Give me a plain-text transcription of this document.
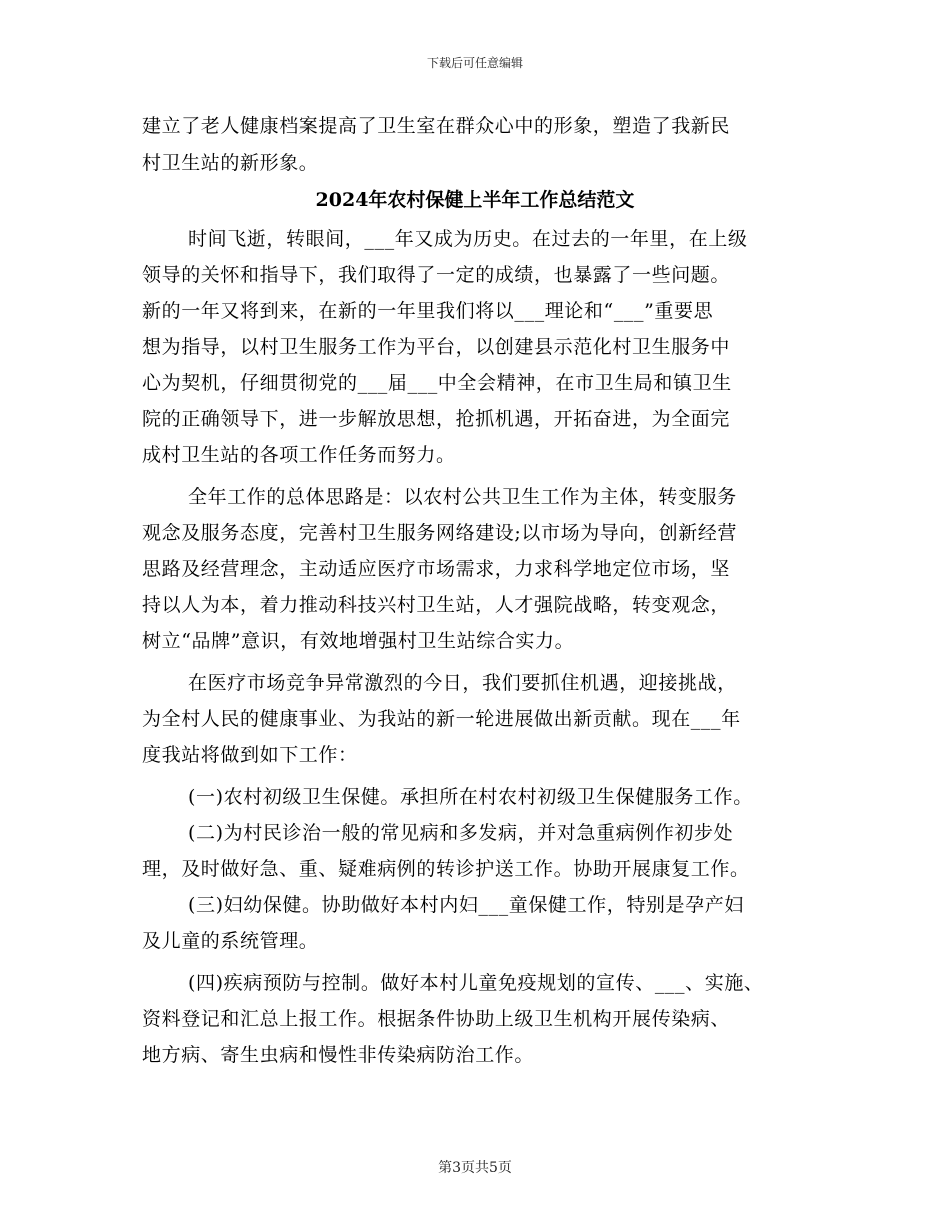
下载后可任意编辑
建立了老人健康档案提高了卫生室在群众心中的形象，塑造了我新民
村卫生站的新形象。
2024年农村保健上半年工作总结范文
时间飞逝，转眼间，___年又成为历史。在过去的一年里，在上级
领导的关怀和指导下，我们取得了一定的成绩，也暴露了一些问题。
新的一年又将到来，在新的一年里我们将以___理论和“___”重要思
想为指导，以村卫生服务工作为平台，以创建县示范化村卫生服务中
心为契机，仔细贯彻党的___届___中全会精神，在市卫生局和镇卫生
院的正确领导下，进一步解放思想，抢抓机遇，开拓奋进，为全面完
成村卫生站的各项工作任务而努力。
全年工作的总体思路是：以农村公共卫生工作为主体，转变服务
观念及服务态度，完善村卫生服务网络建设;以市场为导向，创新经营
思路及经营理念，主动适应医疗市场需求，力求科学地定位市场，坚
持以人为本，着力推动科技兴村卫生站，人才强院战略，转变观念，
树立“品牌”意识，有效地增强村卫生站综合实力。
在医疗市场竞争异常激烈的今日，我们要抓住机遇，迎接挑战，
为全村人民的健康事业、为我站的新一轮进展做出新贡献。现在___年
度我站将做到如下工作：
(一)农村初级卫生保健。承担所在村农村初级卫生保健服务工作。
(二)为村民诊治一般的常见病和多发病，并对急重病例作初步处
理，及时做好急、重、疑难病例的转诊护送工作。协助开展康复工作。
(三)妇幼保健。协助做好本村内妇___童保健工作，特别是孕产妇
及儿童的系统管理。
(四)疾病预防与控制。做好本村儿童免疫规划的宣传、___、实施、
资料登记和汇总上报工作。根据条件协助上级卫生机构开展传染病、
地方病、寄生虫病和慢性非传染病防治工作。
第3页共5页
